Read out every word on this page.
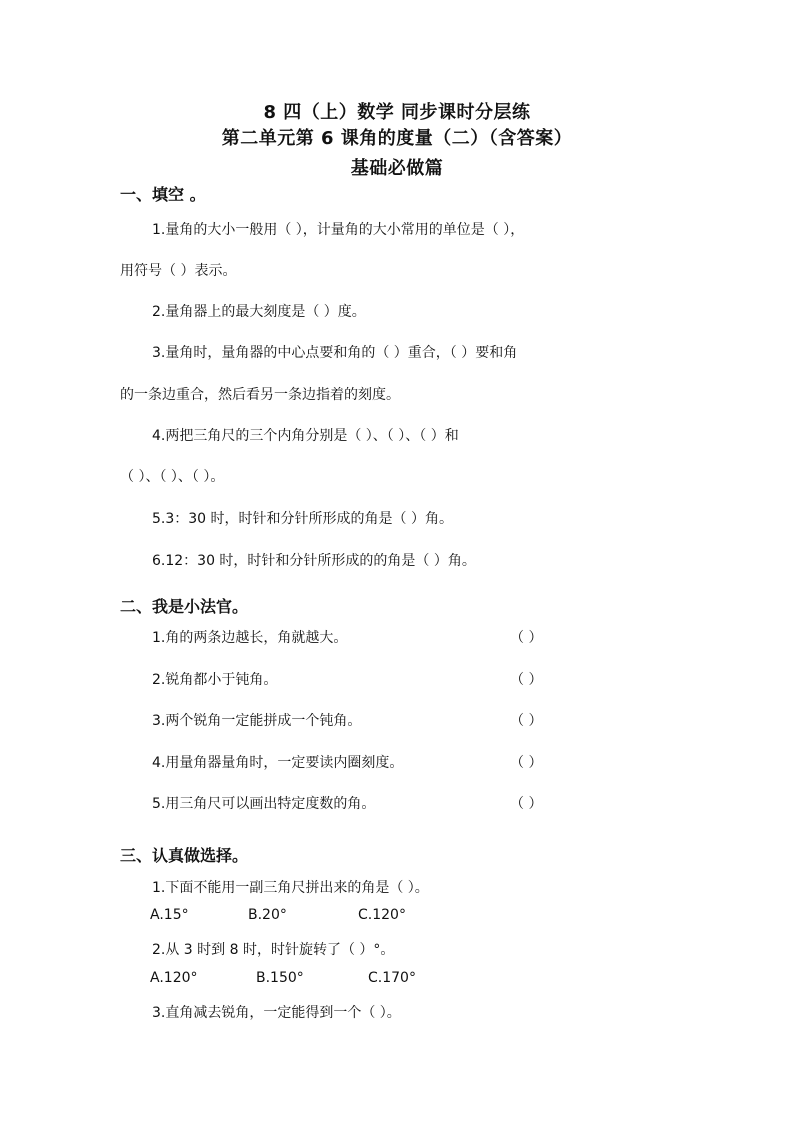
8 四（上）数学 同步课时分层练
第二单元第 6 课角的度量（二）（含答案）
基础必做篇
一、填空 。
1.量角的大小一般用（ ），计量角的大小常用的单位是（ ），
用符号（ ）表示。
2.量角器上的最大刻度是（ ）度。
3.量角时，量角器的中心点要和角的（ ）重合，（ ）要和角
的一条边重合，然后看另一条边指着的刻度。
4.两把三角尺的三个内角分别是（ ）、（ ）、（ ）和
（ ）、（ ）、（ ）。
5.3：30 时，时针和分针所形成的角是（ ）角。
6.12：30 时，时针和分针所形成的的角是（ ）角。
二、我是小法官。
1.角的两条边越长，角就越大。	（ ）
2.锐角都小于钝角。	（ ）
3.两个锐角一定能拼成一个钝角。	（ ）
4.用量角器量角时，一定要读内圈刻度。	（ ）
5.用三角尺可以画出特定度数的角。	（ ）
三、认真做选择。
1.下面不能用一副三角尺拼出来的角是（ ）。
A.15°	B.20°	C.120°
2.从 3 时到 8 时，时针旋转了（ ）°。
A.120°	B.150°	C.170°
3.直角减去锐角，一定能得到一个（ ）。
